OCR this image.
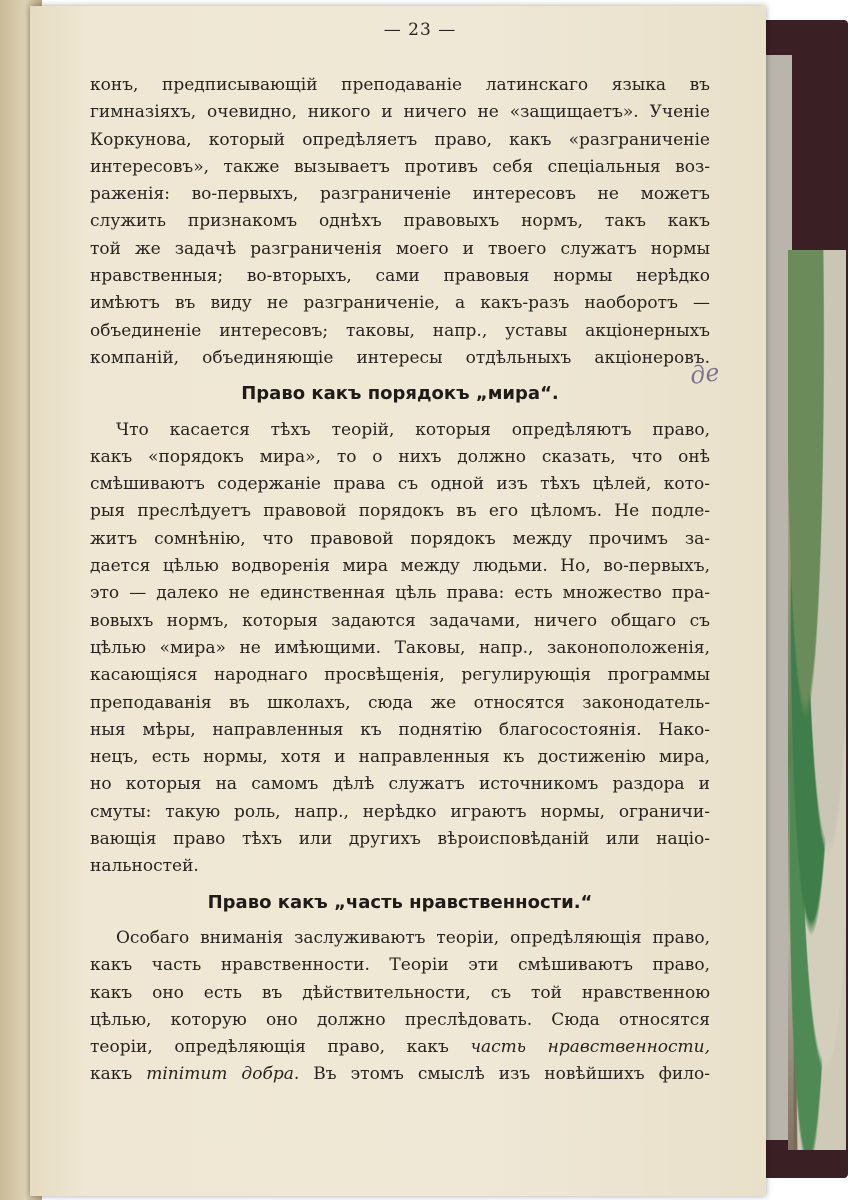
— 23 —

конъ, предписывающій преподаваніе латинскаго языка въ

гимназіяхъ, очевидно, никого и ничего не «защищаетъ». Ученіе

Коркунова, который опредѣляетъ право, какъ «разграниченіе

интересовъ», также вызываетъ противъ себя спеціальныя воз-

раженія: во-первыхъ, разграниченіе интересовъ не можетъ

служить признакомъ однѣхъ правовыхъ нормъ, такъ какъ

той же задачѣ разграниченія моего и твоего служатъ нормы

нравственныя; во-вторыхъ, сами правовыя нормы нерѣдко

имѣютъ въ виду не разграниченіе, а какъ-разъ наоборотъ —

объединеніе интересовъ; таковы, напр., уставы акціонерныхъ

компаній, объединяющіе интересы отдѣльныхъ акціонеровъ.

Право какъ порядокъ „мира“.

Что касается тѣхъ теорій, которыя опредѣляютъ право,

какъ «порядокъ мира», то о нихъ должно сказать, что онѣ

смѣшиваютъ содержаніе права съ одной изъ тѣхъ цѣлей, кото-

рыя преслѣдуетъ правовой порядокъ въ его цѣломъ. Не подле-

житъ сомнѣнію, что правовой порядокъ между прочимъ за-

дается цѣлью водворенія мира между людьми. Но, во-первыхъ,

это — далеко не единственная цѣль права: есть множество пра-

вовыхъ нормъ, которыя задаются задачами, ничего общаго съ

цѣлью «мира» не имѣющими. Таковы, напр., законоположенія,

касающіяся народнаго просвѣщенія, регулирующія программы

преподаванія въ школахъ, сюда же относятся законодатель-

ныя мѣры, направленныя къ поднятію благосостоянія. Нако-

нецъ, есть нормы, хотя и направленныя къ достиженію мира,

но которыя на самомъ дѣлѣ служатъ источникомъ раздора и

смуты: такую роль, напр., нерѣдко играютъ нормы, ограничи-

вающія право тѣхъ или другихъ вѣроисповѣданій или націо-

нальностей.

Право какъ „часть нравственности.“

Особаго вниманія заслуживаютъ теоріи, опредѣляющія право,

какъ часть нравственности. Теоріи эти смѣшиваютъ право,

какъ оно есть въ дѣйствительности, съ той нравственною

цѣлью, которую оно должно преслѣдовать. Сюда относятся

теоріи, опредѣляющія право, какъ часть нравственности,

какъ minimum добра. Въ этомъ смыслѣ изъ новѣйшихъ фило-

де
